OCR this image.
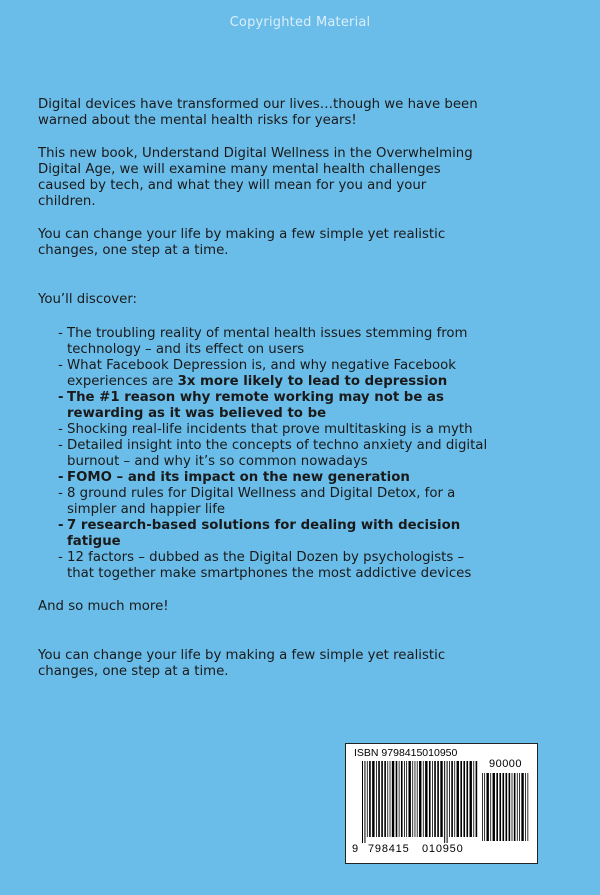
Copyrighted Material

Digital devices have transformed our lives…though we have been warned about the mental health risks for years!

This new book, Understand Digital Wellness in the Overwhelming Digital Age, we will examine many mental health challenges caused by tech, and what they will mean for you and your children.

You can change your life by making a few simple yet realistic changes, one step at a time.

You’ll discover:

- The troubling reality of mental health issues stemming from technology – and its effect on users
- What Facebook Depression is, and why negative Facebook experiences are 3x more likely to lead to depression
- The #1 reason why remote working may not be as rewarding as it was believed to be
- Shocking real-life incidents that prove multitasking is a myth
- Detailed insight into the concepts of techno anxiety and digital burnout – and why it’s so common nowadays
- FOMO – and its impact on the new generation
- 8 ground rules for Digital Wellness and Digital Detox, for a simpler and happier life
- 7 research-based solutions for dealing with decision fatigue
- 12 factors – dubbed as the Digital Dozen by psychologists – that together make smartphones the most addictive devices

And so much more!

You can change your life by making a few simple yet realistic changes, one step at a time.

ISBN 9798415010950
90000
9 798415 010950
